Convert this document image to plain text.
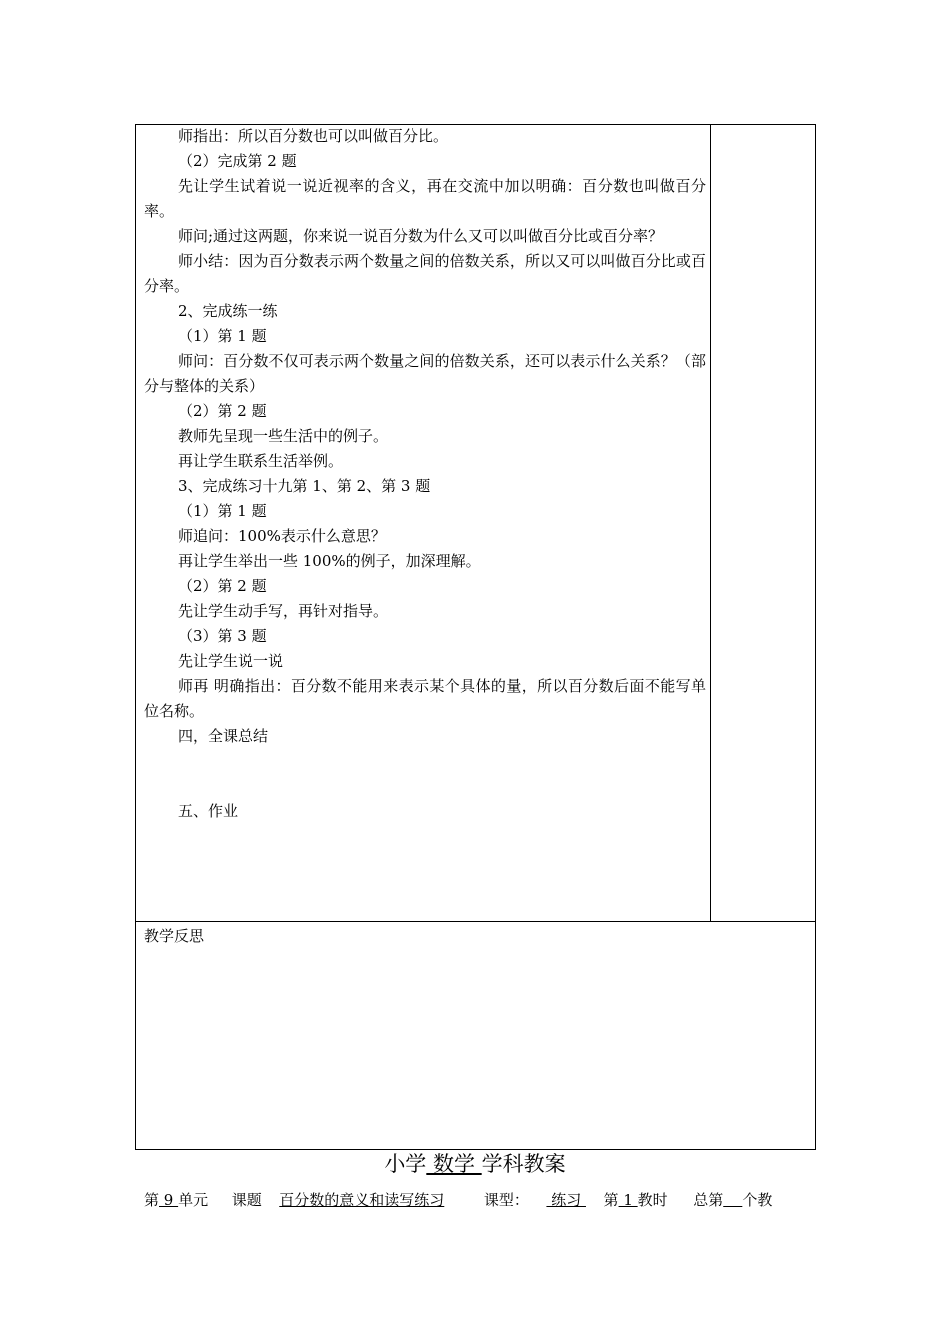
师指出：所以百分数也可以叫做百分比。

（2）完成第 2 题

先让学生试着说一说近视率的含义，再在交流中加以明确：百分数也叫做百分率。

师问;通过这两题，你来说一说百分数为什么又可以叫做百分比或百分率？

师小结：因为百分数表示两个数量之间的倍数关系，所以又可以叫做百分比或百分率。

2、完成练一练

（1）第 1 题

师问：百分数不仅可表示两个数量之间的倍数关系，还可以表示什么关系？（部分与整体的关系）

（2）第 2 题

教师先呈现一些生活中的例子。

再让学生联系生活举例。

3、完成练习十九第 1、第 2、第 3 题

（1）第 1 题

师追问：100%表示什么意思？

再让学生举出一些 100%的例子，加深理解。

（2）第 2 题

先让学生动手写，再针对指导。

（3）第 3 题

先让学生说一说

师再 明确指出：百分数不能用来表示某个具体的量，所以百分数后面不能写单位名称。

四，全课总结

五、作业

教学反思
小学 数学 学科教案
第 9 单元 课题 百分数的意义和读写练习	课型：   练习   第 1 教时 总第 个教
